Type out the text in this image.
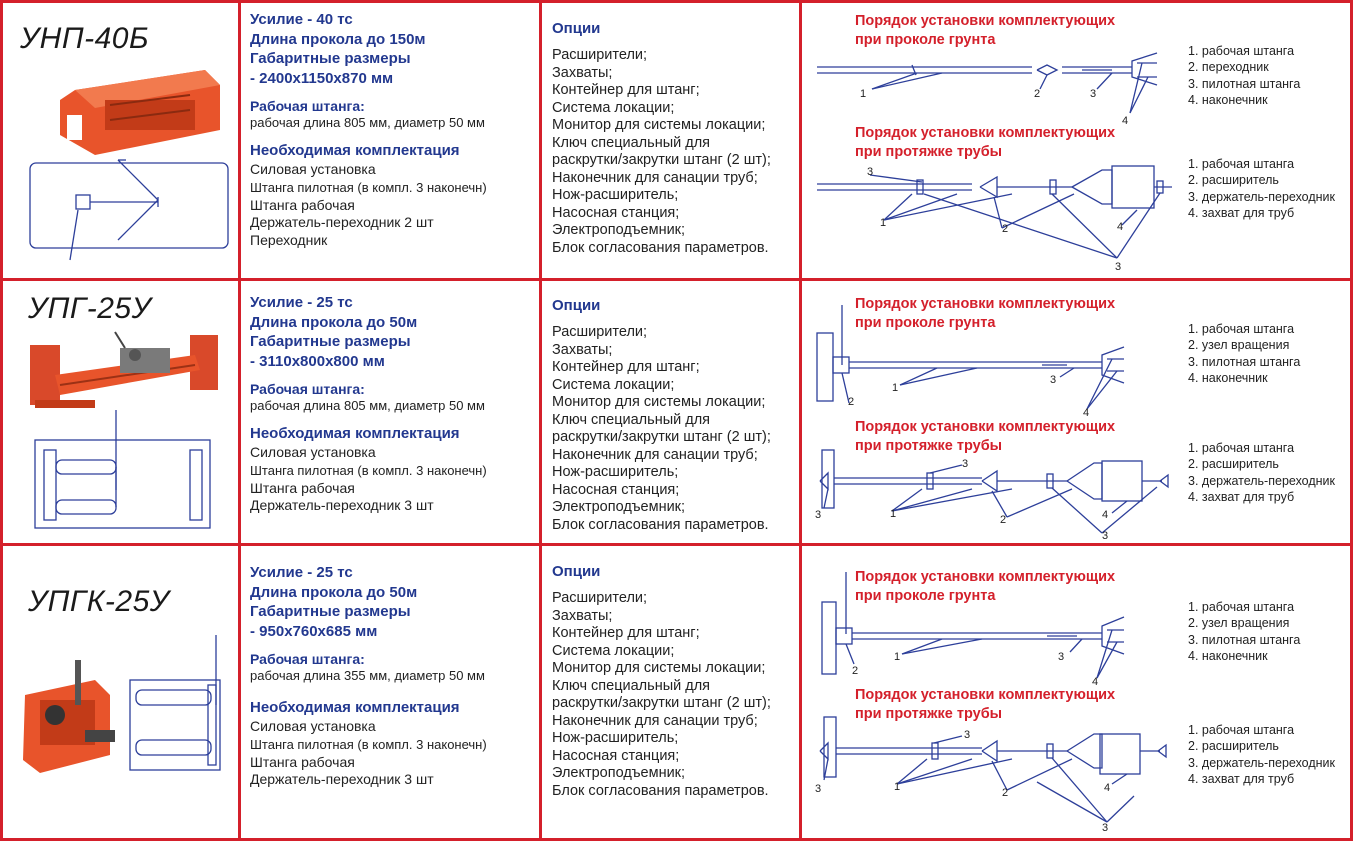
УНП-40Б
Усилие - 40 тс
Длина прокола до 150м
Габаритные размеры
- 2400х1150х870 мм
Рабочая штанга:
рабочая длина 805 мм, диаметр 50 мм
Необходимая комплектация
Силовая установка
Штанга пилотная (в компл. 3 наконечн)
Штанга рабочая
Держатель-переходник 2 шт
Переходник
Опции
Расширители;
Захваты;
Контейнер для штанг;
Система локации;
Монитор для системы локации;
Ключ специальный для
раскрутки/закрутки штанг (2 шт);
Наконечник для санации труб;
Нож-расширитель;
Насосная станция;
Электроподъемник;
Блок согласования параметров.
Порядок установки комплектующих
при проколе грунта
1	2	3
4
1. рабочая штанга
2. переходник
3. пилотная штанга
4. наконечник
Порядок установки комплектующих
при протяжке трубы
3
1	2	4
3
1. рабочая штанга
2. расширитель
3. держатель-переходник
4. захват для труб
УПГ-25У	Усилие - 25 тс
Длина прокола до 50м
Габаритные размеры
- 3110х800х800 мм
Рабочая штанга:
рабочая длина 805 мм, диаметр 50 мм
Необходимая комплектация
Силовая установка
Штанга пилотная (в компл. 3 наконечн)
Штанга рабочая
Держатель-переходник 3 шт
Опции
Расширители;
Захваты;
Контейнер для штанг;
Система локации;
Монитор для системы локации;
Ключ специальный для
раскрутки/закрутки штанг (2 шт);
Наконечник для санации труб;
Нож-расширитель;
Насосная станция;
Электроподъемник;
Блок согласования параметров.
Порядок установки комплектующих
при проколе грунта
2
1
3
4
1. рабочая штанга
2. узел вращения
3. пилотная штанга
4. наконечник
Порядок установки комплектующих
при протяжке трубы
3
3	1	2	4
3
1. рабочая штанга
2. расширитель
3. держатель-переходник
4. захват для труб
УПГК-25У
Усилие - 25 тс
Длина прокола до 50м
Габаритные размеры
- 950х760х685 мм
Рабочая штанга:
рабочая длина 355 мм, диаметр 50 мм
Необходимая комплектация
Силовая установка
Штанга пилотная (в компл. 3 наконечн)
Штанга рабочая
Держатель-переходник 3 шт
Опции
Расширители;
Захваты;
Контейнер для штанг;
Система локации;
Монитор для системы локации;
Ключ специальный для
раскрутки/закрутки штанг (2 шт);
Наконечник для санации труб;
Нож-расширитель;
Насосная станция;
Электроподъемник;
Блок согласования параметров.
Порядок установки комплектующих
при проколе грунта
2
1	3
4
1. рабочая штанга
2. узел вращения
3. пилотная штанга
4. наконечник
Порядок установки комплектующих
при протяжке трубы
3
3	1	2	4
3
1. рабочая штанга
2. расширитель
3. держатель-переходник
4. захват для труб
